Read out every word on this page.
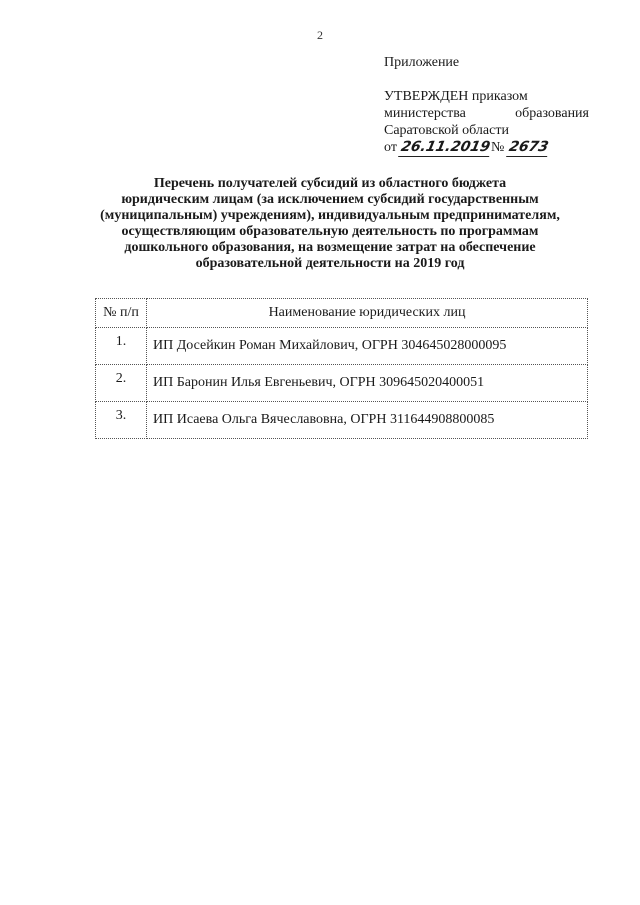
2
Приложение
УТВЕРЖДЕН приказом
министерства	образования
Саратовской области
от 26.11.2019№ 2673
Перечень получателей субсидий из областного бюджета
юридическим лицам (за исключением субсидий государственным
(муниципальным) учреждениям), индивидуальным предпринимателям,
осуществляющим образовательную деятельность по программам
дошкольного образования, на возмещение затрат на обеспечение
образовательной деятельности на 2019 год
№ п/п	Наименование юридических лиц
1.	ИП Досейкин Роман Михайлович, ОГРН 304645028000095
2.	ИП Баронин Илья Евгеньевич, ОГРН 309645020400051
3.	ИП Исаева Ольга Вячеславовна, ОГРН 311644908800085
